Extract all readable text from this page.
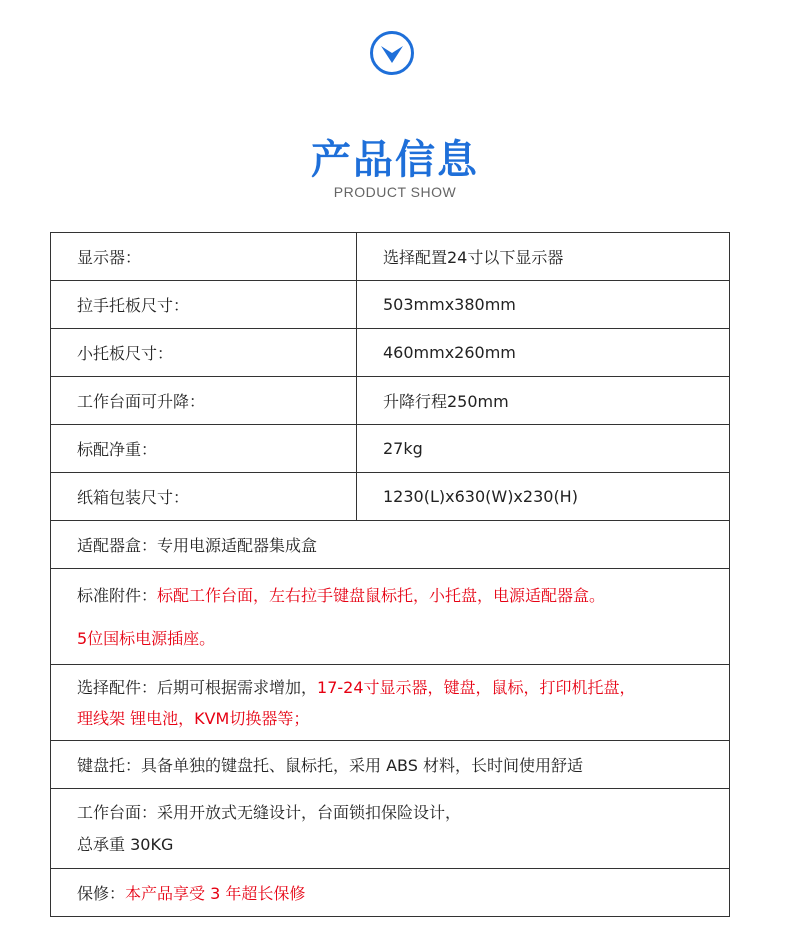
产品信息
PRODUCT SHOW
显示器：	选择配置24寸以下显示器
拉手托板尺寸：	503mmx380mm
小托板尺寸：	460mmx260mm
工作台面可升降：	升降行程250mm
标配净重：	27kg
纸箱包装尺寸：	1230(L)x630(W)x230(H)
适配器盒：专用电源适配器集成盒	

标准附件：标配工作台面，左右拉手键盘鼠标托，小托盘，电源适配器盒。
5位国标电源插座。	

选择配件：后期可根据需求增加，17-24寸显示器，键盘，鼠标，打印机托盘，
理线架 锂电池，KVM切换器等；	

键盘托：具备单独的键盘托、鼠标托，采用 ABS 材料，长时间使用舒适	

工作台面：采用开放式无缝设计，台面锁扣保险设计，
总承重 30KG	

保修：本产品享受 3 年超长保修	
